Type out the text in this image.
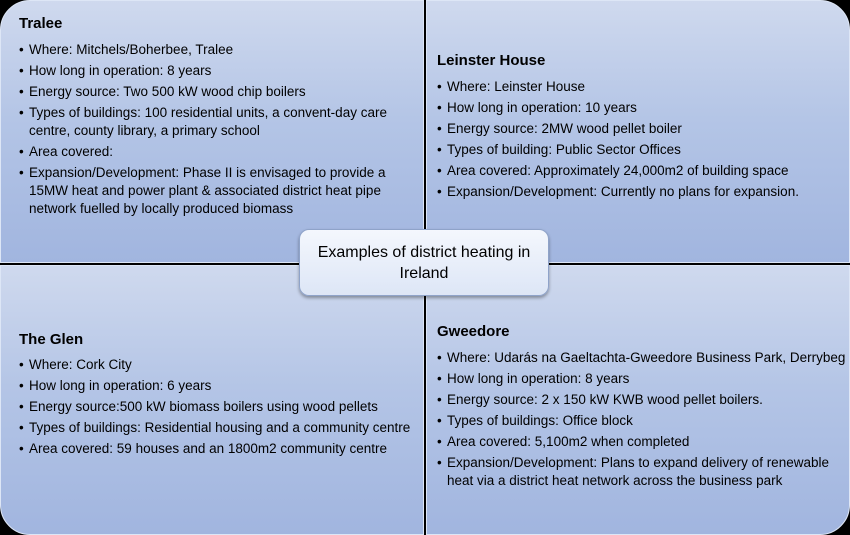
Tralee
• Where: Mitchels/Boherbee, Tralee
• How long in operation: 8 years
• Energy source: Two 500 kW wood chip boilers
• Types of buildings: 100 residential units, a convent-day care centre, county library, a primary school
• Area covered:
• Expansion/Development: Phase II is envisaged to provide a 15MW heat and power plant & associated district heat pipe network fuelled by locally produced biomass
Leinster House
• Where: Leinster House
• How long in operation: 10 years
• Energy source: 2MW wood pellet boiler
• Types of building: Public Sector Offices
• Area covered: Approximately 24,000m2 of building space
• Expansion/Development: Currently no plans for expansion.
The Glen
• Where: Cork City
• How long in operation: 6 years
• Energy source:500 kW biomass boilers using wood pellets
• Types of buildings: Residential housing and a community centre
• Area covered: 59 houses and an 1800m2 community centre
Gweedore
• Where: Udarás na Gaeltachta-Gweedore Business Park, Derrybeg
• How long in operation: 8 years
• Energy source: 2 x 150 kW KWB wood pellet boilers.
• Types of buildings: Office block
• Area covered: 5,100m2 when completed
• Expansion/Development: Plans to expand delivery of renewable heat via a district heat network across the business park
Examples of district heating in Ireland
